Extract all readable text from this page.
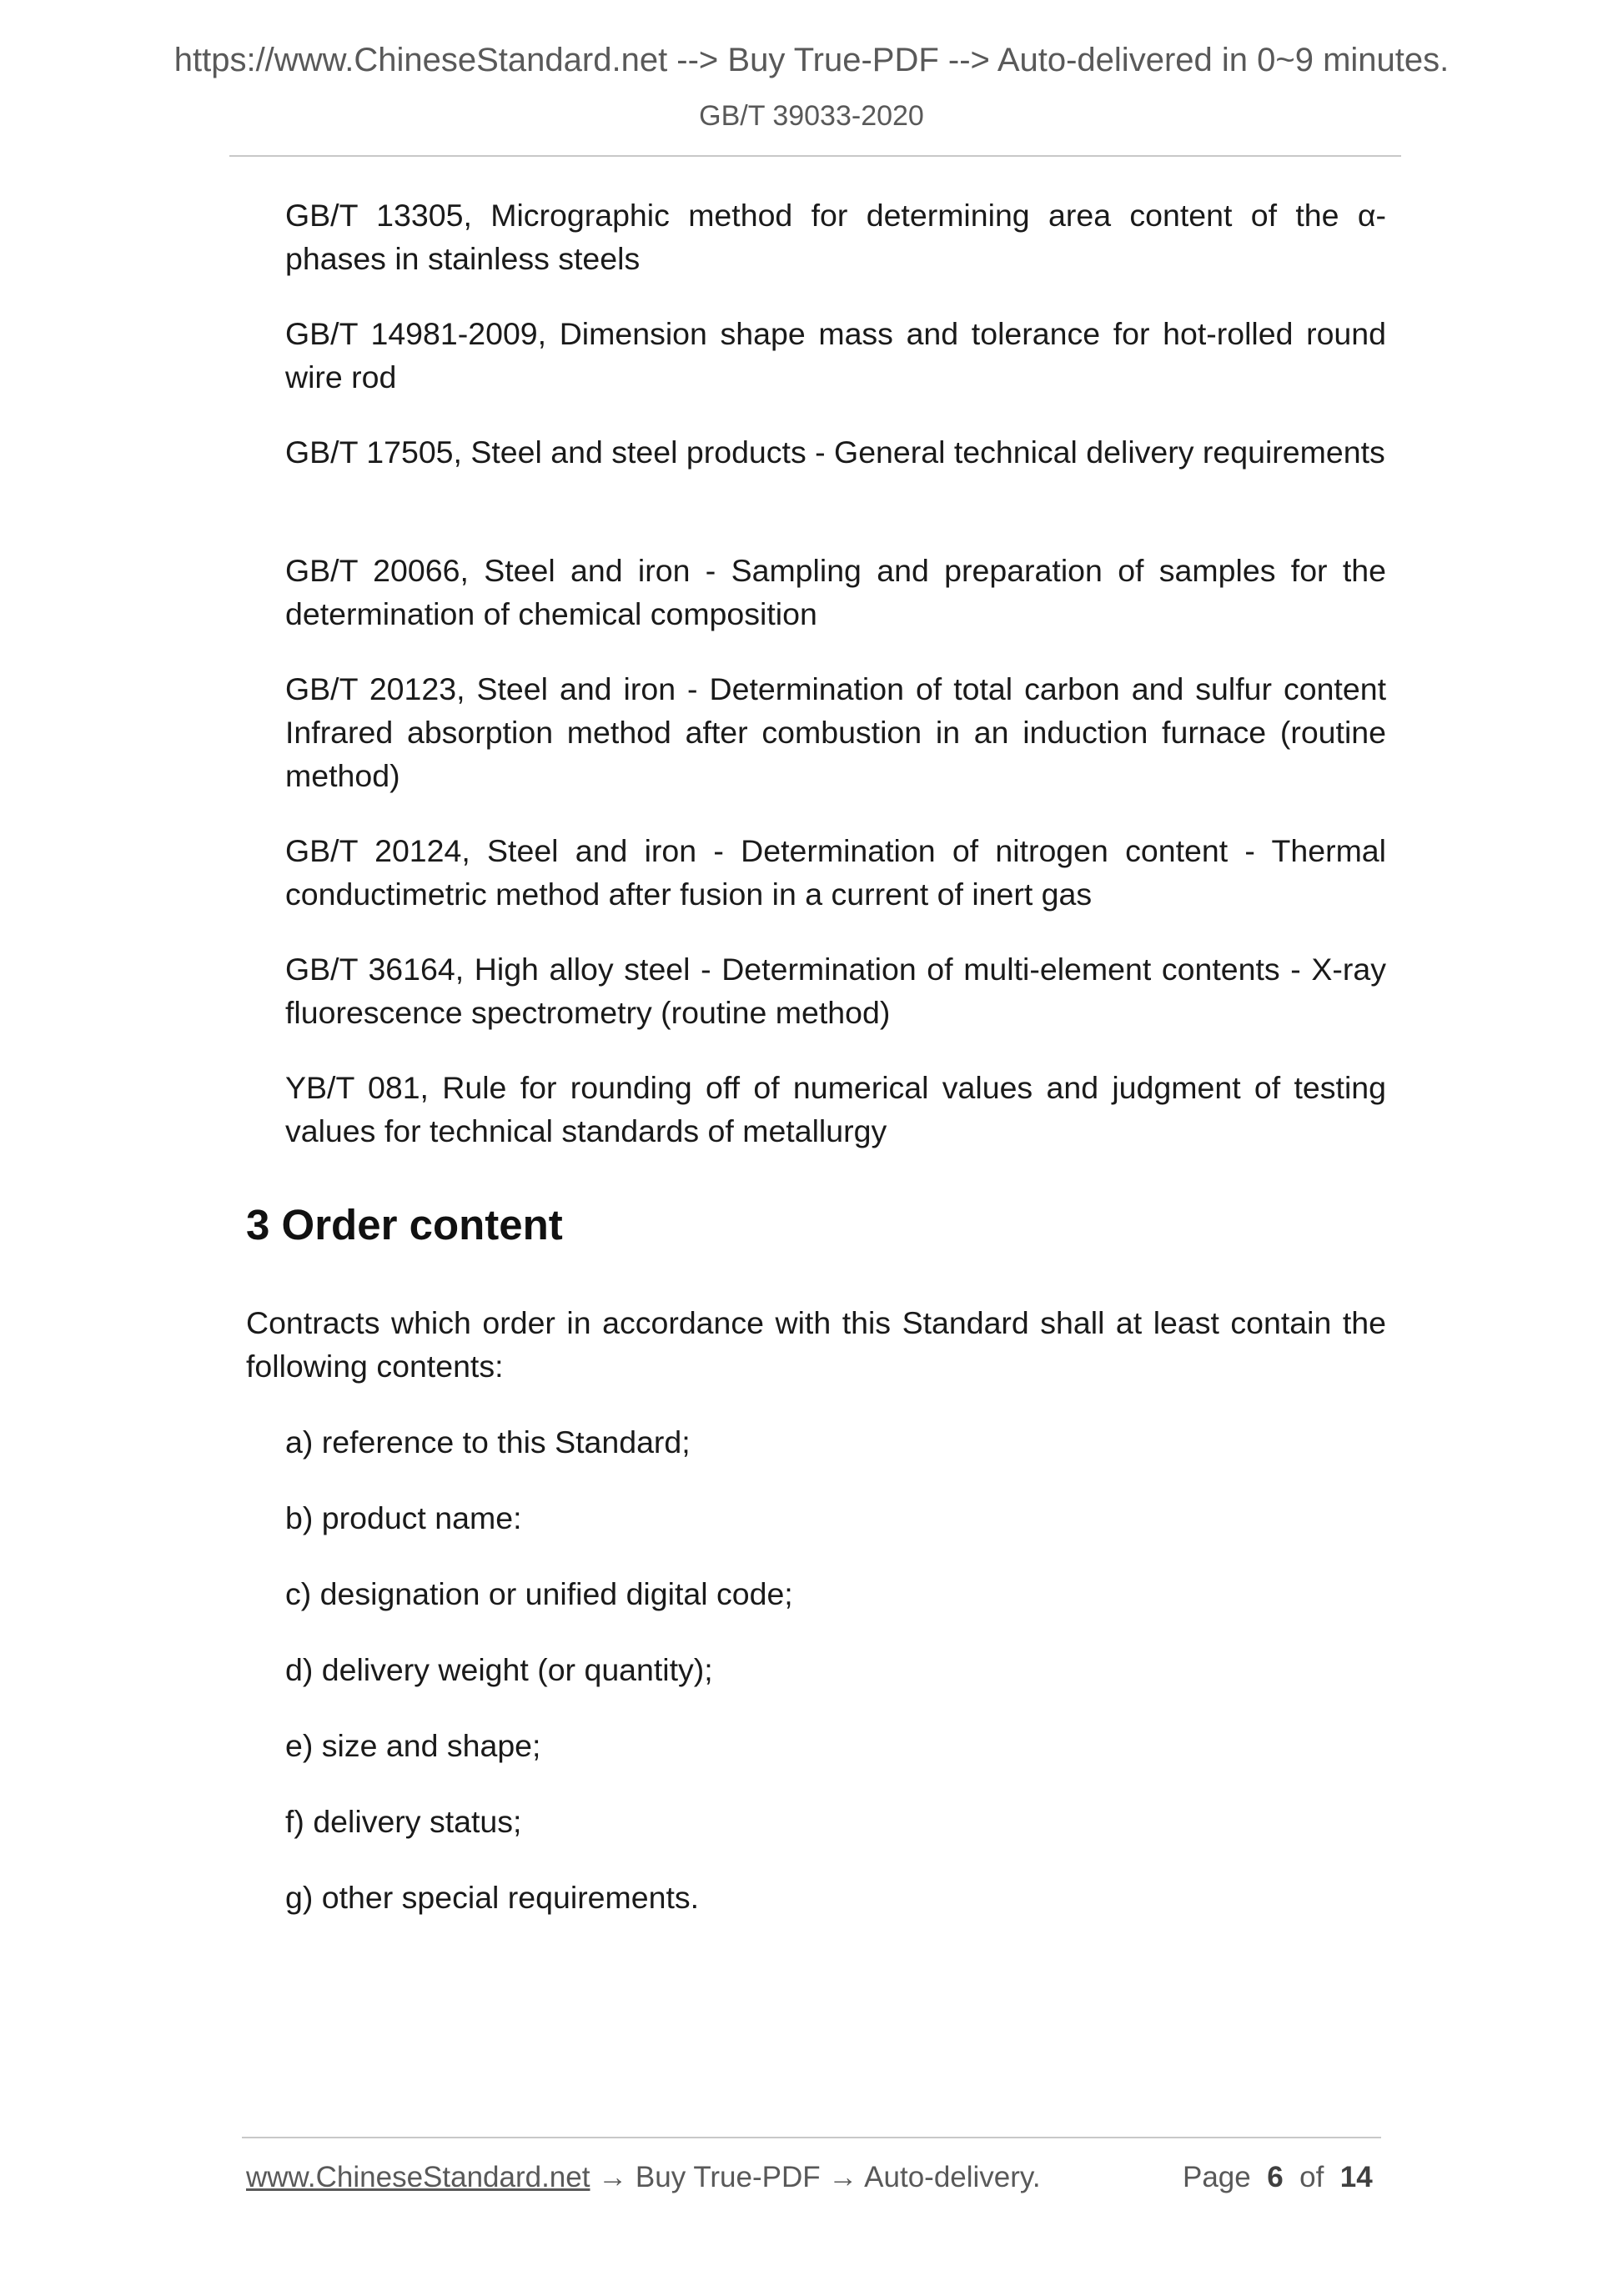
https://www.ChineseStandard.net --> Buy True-PDF --> Auto-delivered in 0~9 minutes.
GB/T 39033-2020

GB/T 13305, Micrographic method for determining area content of the α-phases in stainless steels

GB/T 14981-2009, Dimension shape mass and tolerance for hot-rolled round wire rod

GB/T 17505, Steel and steel products - General technical delivery requirements

GB/T 20066, Steel and iron - Sampling and preparation of samples for the determination of chemical composition

GB/T 20123, Steel and iron - Determination of total carbon and sulfur content Infrared absorption method after combustion in an induction furnace (routine method)

GB/T 20124, Steel and iron - Determination of nitrogen content - Thermal conductimetric method after fusion in a current of inert gas

GB/T 36164, High alloy steel - Determination of multi-element contents - X-ray fluorescence spectrometry (routine method)

YB/T 081, Rule for rounding off of numerical values and judgment of testing values for technical standards of metallurgy

3 Order content

Contracts which order in accordance with this Standard shall at least contain the following contents:

a) reference to this Standard;

b) product name:

c) designation or unified digital code;

d) delivery weight (or quantity);

e) size and shape;

f) delivery status;

g) other special requirements.

www.ChineseStandard.net → Buy True-PDF → Auto-delivery.	Page 6 of 14
